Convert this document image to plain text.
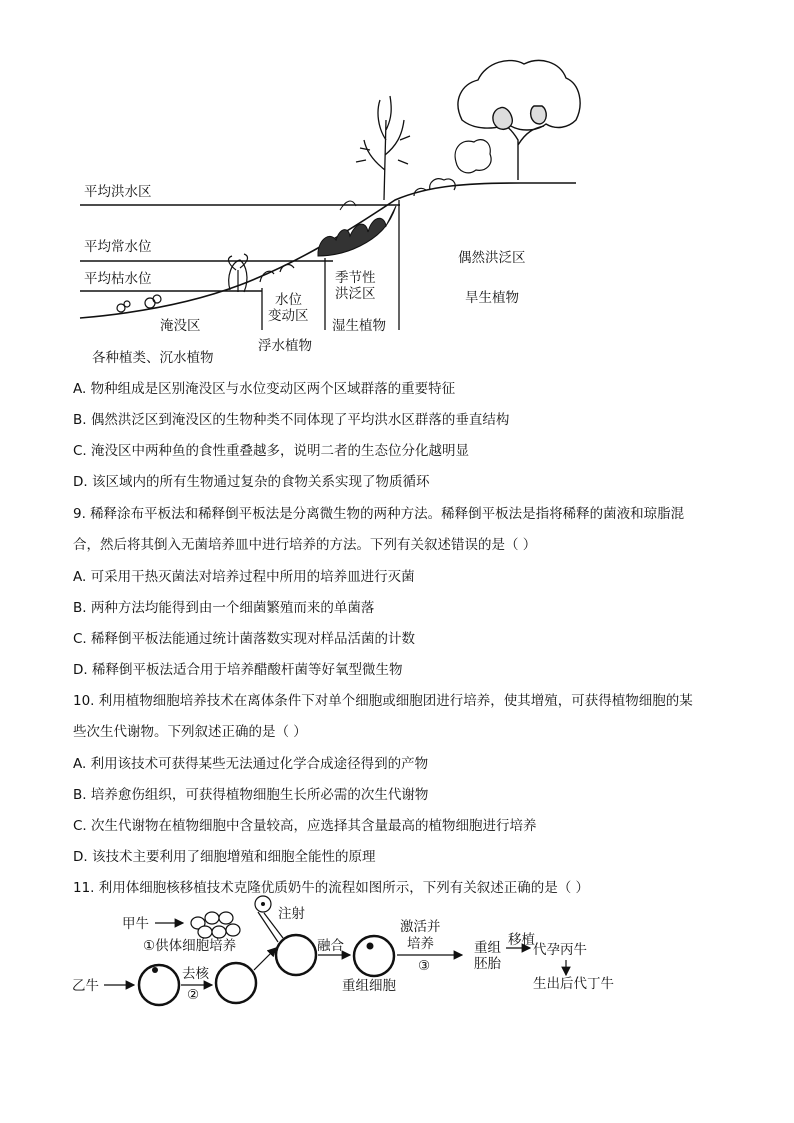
平均洪水区
平均常水位
平均枯水位
淹没区
水位
变动区
季节性
洪泛区
偶然洪泛区
旱生植物
湿生植物
浮水植物
各种植类、沉水植物
A. 物种组成是区别淹没区与水位变动区两个区域群落的重要特征
B. 偶然洪泛区到淹没区的生物种类不同体现了平均洪水区群落的垂直结构
C. 淹没区中两种鱼的食性重叠越多，说明二者的生态位分化越明显
D. 该区域内的所有生物通过复杂的食物关系实现了物质循环
9. 稀释涂布平板法和稀释倒平板法是分离微生物的两种方法。稀释倒平板法是指将稀释的菌液和琼脂混
合，然后将其倒入无菌培养皿中进行培养的方法。下列有关叙述错误的是（ ）
A. 可采用干热灭菌法对培养过程中所用的培养皿进行灭菌
B. 两种方法均能得到由一个细菌繁殖而来的单菌落
C. 稀释倒平板法能通过统计菌落数实现对样品活菌的计数
D. 稀释倒平板法适合用于培养醋酸杆菌等好氧型微生物
10. 利用植物细胞培养技术在离体条件下对单个细胞或细胞团进行培养，使其增殖，可获得植物细胞的某
些次生代谢物。下列叙述正确的是（ ）
A. 利用该技术可获得某些无法通过化学合成途径得到的产物
B. 培养愈伤组织，可获得植物细胞生长所必需的次生代谢物
C. 次生代谢物在植物细胞中含量较高，应选择其含量最高的植物细胞进行培养
D. 该技术主要利用了细胞增殖和细胞全能性的原理
11. 利用体细胞核移植技术克隆优质奶牛的流程如图所示，下列有关叙述正确的是（ ）
甲牛
①供体细胞培养
注射
乙牛
去核
②
融合
重组细胞
激活并
培养
③
重组
胚胎
移植
代孕丙牛
生出后代丁牛
